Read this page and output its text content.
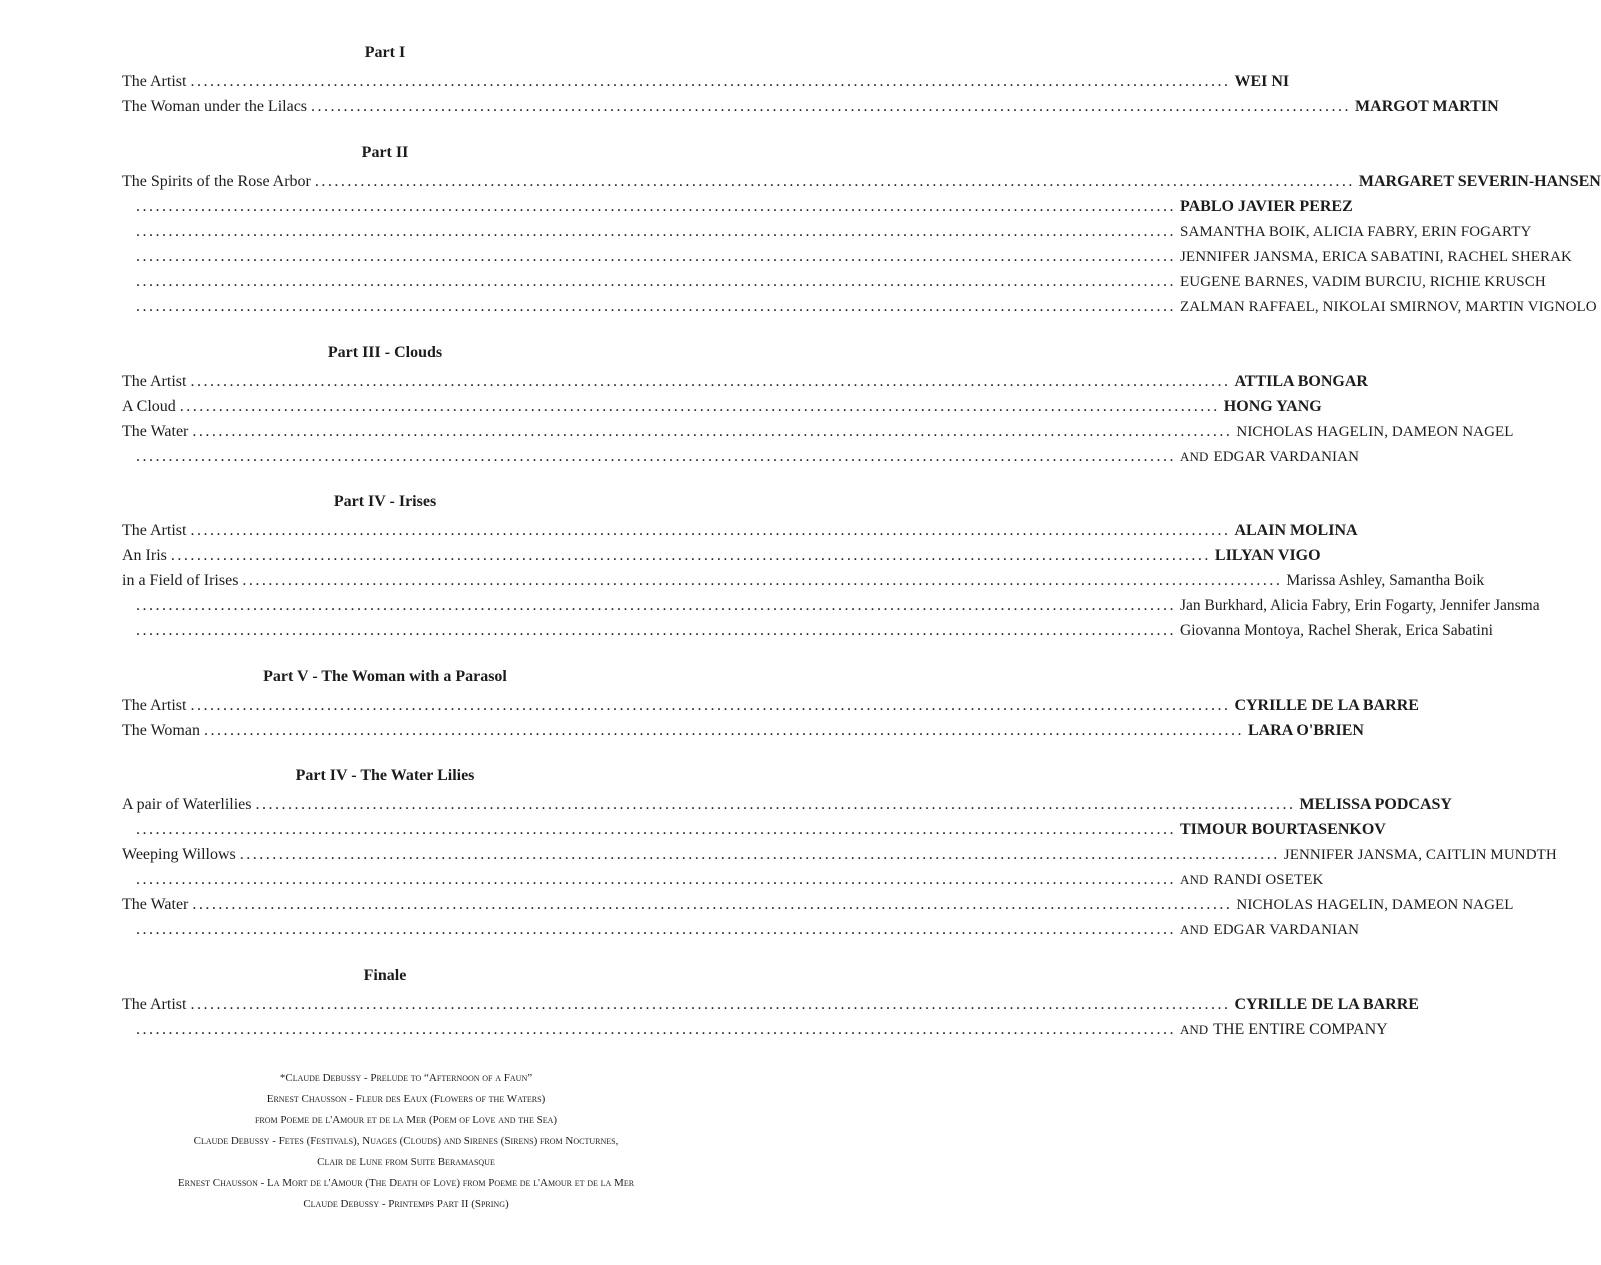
Part I
The Artist ................................................................................................................................................................ WEI NI
The Woman under the Lilacs ................................................................................................................................................................ MARGOT MARTIN
Part II
The Spirits of the Rose Arbor ................................................................................................................................................................ MARGARET SEVERIN-HANSEN
................................................................................................................................................................ PABLO JAVIER PEREZ
................................................................................................................................................................ SAMANTHA BOIK, ALICIA FABRY, ERIN FOGARTY
................................................................................................................................................................ JENNIFER JANSMA, ERICA SABATINI, RACHEL SHERAK
................................................................................................................................................................ EUGENE BARNES, VADIM BURCIU, RICHIE KRUSCH
................................................................................................................................................................ ZALMAN RAFFAEL, NIKOLAI SMIRNOV, MARTIN VIGNOLO
Part III - Clouds
The Artist ................................................................................................................................................................ ATTILA BONGAR
A Cloud ................................................................................................................................................................ HONG YANG
The Water ................................................................................................................................................................ NICHOLAS HAGELIN, DAMEON NAGEL
................................................................................................................................................................ AND EDGAR VARDANIAN
Part IV - Irises
The Artist ................................................................................................................................................................ ALAIN MOLINA
An Iris ................................................................................................................................................................ LILYAN VIGO
in a Field of Irises ................................................................................................................................................................ Marissa Ashley, Samantha Boik
................................................................................................................................................................ Jan Burkhard, Alicia Fabry, Erin Fogarty, Jennifer Jansma
................................................................................................................................................................ Giovanna Montoya, Rachel Sherak, Erica Sabatini
Part V - The Woman with a Parasol
The Artist ................................................................................................................................................................ CYRILLE DE LA BARRE
The Woman ................................................................................................................................................................ LARA O'BRIEN
Part IV - The Water Lilies
A pair of Waterlilies ................................................................................................................................................................ MELISSA PODCASY
................................................................................................................................................................ TIMOUR BOURTASENKOV
Weeping Willows ................................................................................................................................................................ JENNIFER JANSMA, CAITLIN MUNDTH
................................................................................................................................................................ AND RANDI OSETEK
The Water ................................................................................................................................................................ NICHOLAS HAGELIN, DAMEON NAGEL
................................................................................................................................................................ AND EDGAR VARDANIAN
Finale
The Artist ................................................................................................................................................................ CYRILLE DE LA BARRE
................................................................................................................................................................ AND THE ENTIRE COMPANY
*Claude Debussy - Prelude to “Afternoon of a Faun”
Ernest Chausson - Fleur des Eaux (Flowers of the Waters)
from Poeme de l'Amour et de la Mer (Poem of Love and the Sea)
Claude Debussy - Fetes (Festivals), Nuages (Clouds) and Sirenes (Sirens) from Nocturnes,
Clair de Lune from Suite Beramasque
Ernest Chausson - La Mort de l'Amour (The Death of Love) from Poeme de l'Amour et de la Mer
Claude Debussy - Printemps Part II (Spring)
